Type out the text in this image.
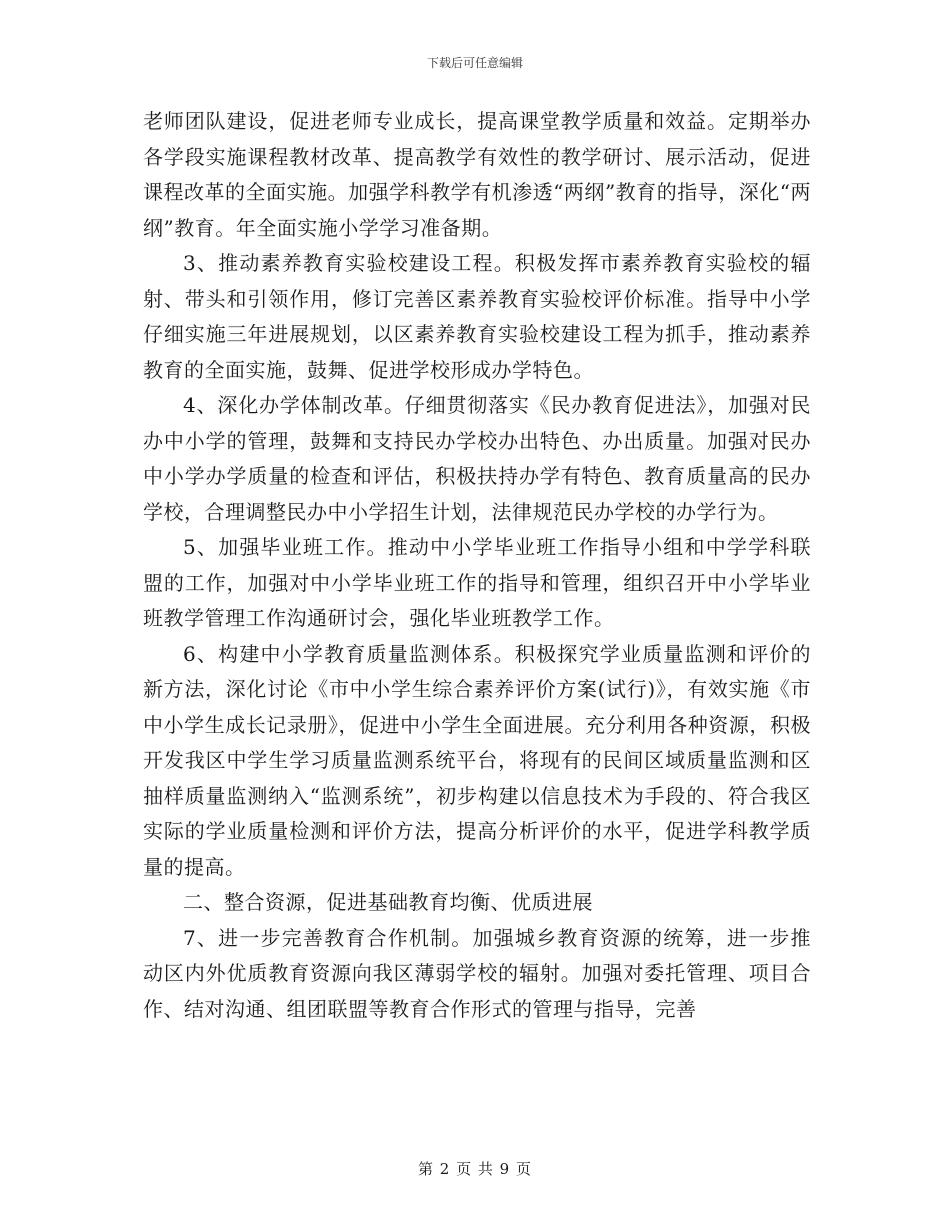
下载后可任意编辑

老师团队建设，促进老师专业成长，提高课堂教学质量和效益。定期举办各学段实施课程教材改革、提高教学有效性的教学研讨、展示活动，促进课程改革的全面实施。加强学科教学有机渗透“两纲”教育的指导，深化“两纲”教育。年全面实施小学学习准备期。

3、推动素养教育实验校建设工程。积极发挥市素养教育实验校的辐射、带头和引领作用，修订完善区素养教育实验校评价标准。指导中小学仔细实施三年进展规划，以区素养教育实验校建设工程为抓手，推动素养教育的全面实施，鼓舞、促进学校形成办学特色。

4、深化办学体制改革。仔细贯彻落实《民办教育促进法》，加强对民办中小学的管理，鼓舞和支持民办学校办出特色、办出质量。加强对民办中小学办学质量的检查和评估，积极扶持办学有特色、教育质量高的民办学校，合理调整民办中小学招生计划，法律规范民办学校的办学行为。

5、加强毕业班工作。推动中小学毕业班工作指导小组和中学学科联盟的工作，加强对中小学毕业班工作的指导和管理，组织召开中小学毕业班教学管理工作沟通研讨会，强化毕业班教学工作。

6、构建中小学教育质量监测体系。积极探究学业质量监测和评价的新方法，深化讨论《市中小学生综合素养评价方案(试行)》，有效实施《市中小学生成长记录册》，促进中小学生全面进展。充分利用各种资源，积极开发我区中学生学习质量监测系统平台，将现有的民间区域质量监测和区抽样质量监测纳入“监测系统”，初步构建以信息技术为手段的、符合我区实际的学业质量检测和评价方法，提高分析评价的水平，促进学科教学质量的提高。

二、整合资源，促进基础教育均衡、优质进展

7、进一步完善教育合作机制。加强城乡教育资源的统筹，进一步推动区内外优质教育资源向我区薄弱学校的辐射。加强对委托管理、项目合作、结对沟通、组团联盟等教育合作形式的管理与指导，完善

第 2 页 共 9 页
